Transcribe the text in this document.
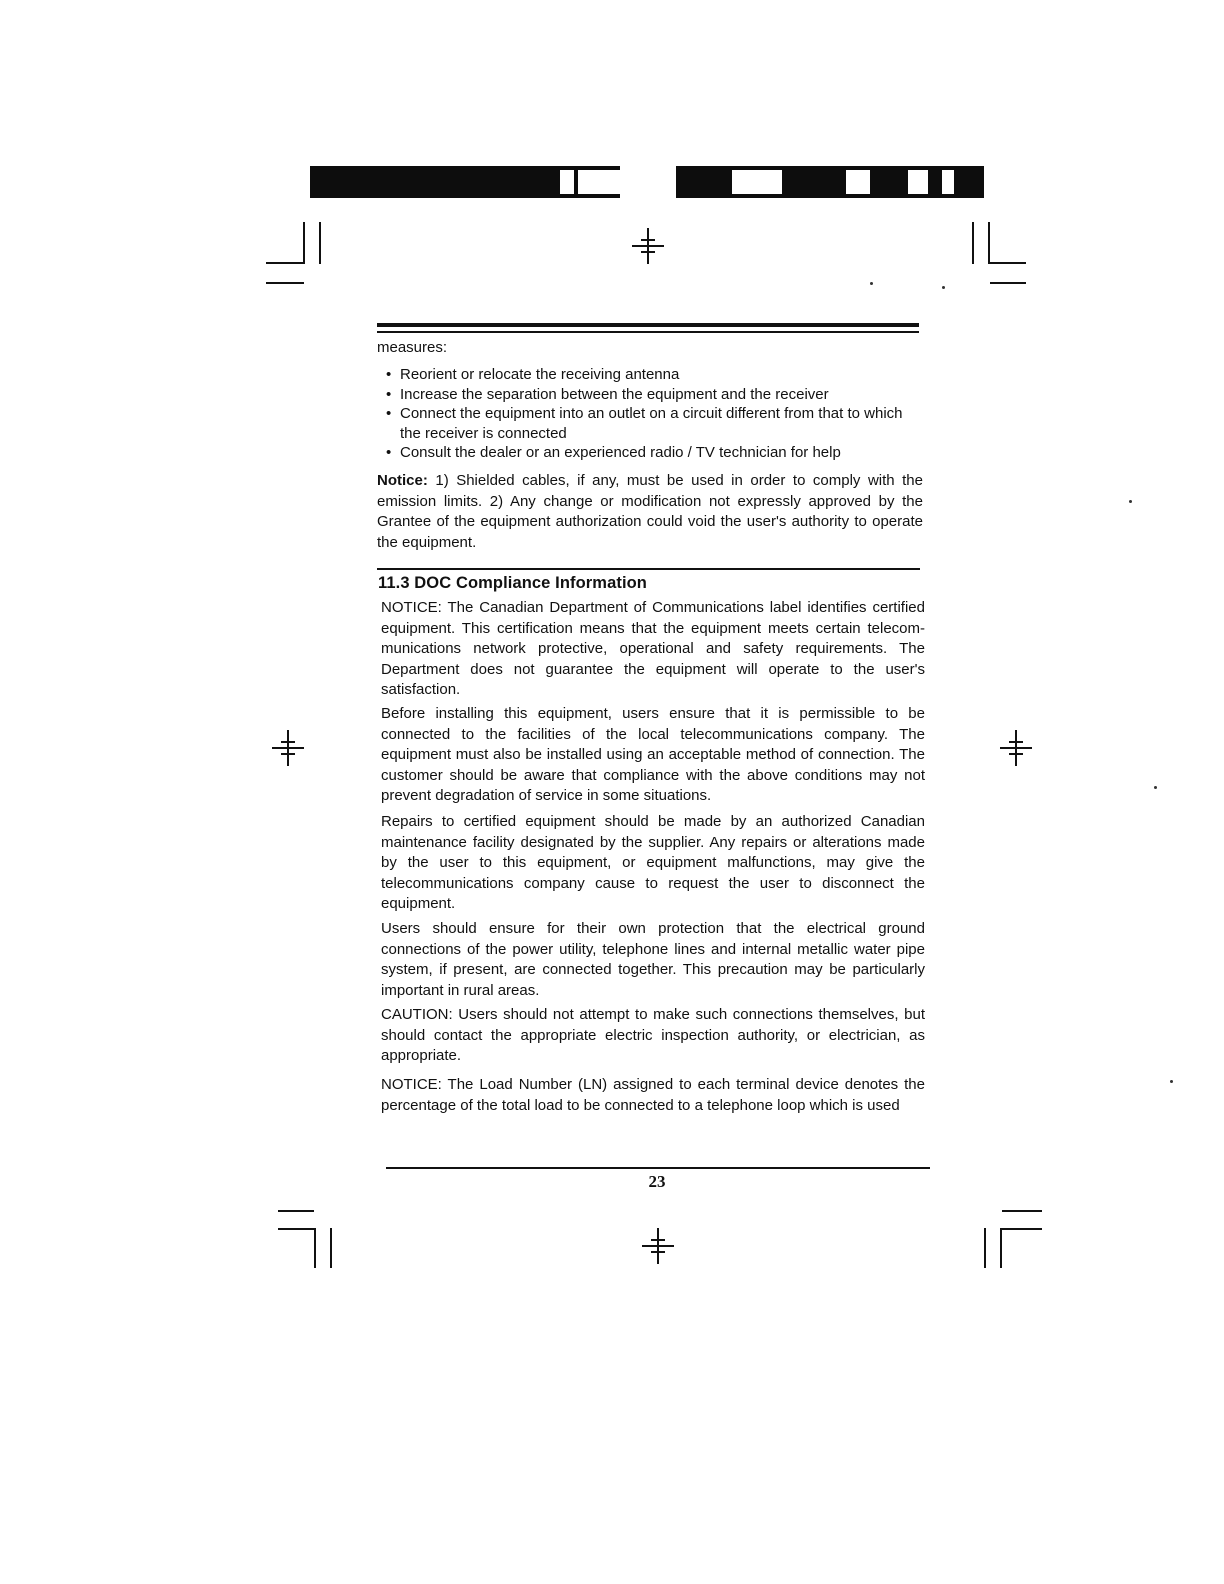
measures:

• Reorient or relocate the receiving antenna
• Increase the separation between the equipment and the receiver
• Connect the equipment into an outlet on a circuit different from that to which the receiver is connected
• Consult the dealer or an experienced radio / TV technician for help

Notice: 1) Shielded cables, if any, must be used in order to comply with the emission limits. 2) Any change or modification not expressly approved by the Grantee of the equipment authorization could void the user's authority to operate the equipment.

11.3 DOC Compliance Information

NOTICE: The Canadian Department of Communications label identifies certified equipment. This certification means that the equipment meets certain telecom-munications network protective, operational and safety requirements. The Department does not guarantee the equipment will operate to the user's satisfaction.

Before installing this equipment, users ensure that it is permissible to be connected to the facilities of the local telecommunications company. The equipment must also be installed using an acceptable method of connection. The customer should be aware that compliance with the above conditions may not prevent degradation of service in some situations.

Repairs to certified equipment should be made by an authorized Canadian maintenance facility designated by the supplier. Any repairs or alterations made by the user to this equipment, or equipment malfunctions, may give the telecommunications company cause to request the user to disconnect the equipment.

Users should ensure for their own protection that the electrical ground connections of the power utility, telephone lines and internal metallic water pipe system, if present, are connected together. This precaution may be particularly important in rural areas.

CAUTION: Users should not attempt to make such connections themselves, but should contact the appropriate electric inspection authority, or electrician, as appropriate.

NOTICE: The Load Number (LN) assigned to each terminal device denotes the percentage of the total load to be connected to a telephone loop which is used

23
